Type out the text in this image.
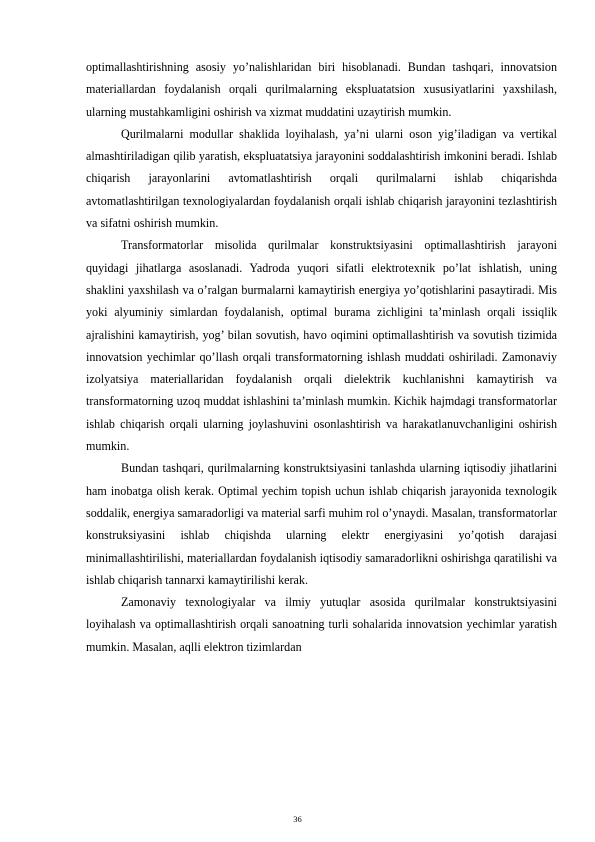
optimallashtirishning asosiy yo’nalishlaridan biri hisoblanadi. Bundan tashqari, innovatsion materiallardan foydalanish orqali qurilmalarning ekspluatatsion xususiyatlarini yaxshilash, ularning mustahkamligini oshirish va xizmat muddatini uzaytirish mumkin.

Qurilmalarni modullar shaklida loyihalash, ya’ni ularni oson yig’iladigan va vertikal almashtiriladigan qilib yaratish, ekspluatatsiya jarayonini soddalashtirish imkonini beradi. Ishlab chiqarish jarayonlarini avtomatlashtirish orqali qurilmalarni ishlab chiqarishda avtomatlashtirilgan texnologiyalardan foydalanish orqali ishlab chiqarish jarayonini tezlashtirish va sifatni oshirish mumkin.

Transformatorlar misolida qurilmalar konstruktsiyasini optimallashtirish jarayoni quyidagi jihatlarga asoslanadi. Yadroda yuqori sifatli elektrotexnik po’lat ishlatish, uning shaklini yaxshilash va o’ralgan burmalarni kamaytirish energiya yo’qotishlarini pasaytiradi. Mis yoki alyuminiy simlardan foydalanish, optimal burama zichligini ta’minlash orqali issiqlik ajralishini kamaytirish, yog’ bilan sovutish, havo oqimini optimallashtirish va sovutish tizimida innovatsion yechimlar qo’llash orqali transformatorning ishlash muddati oshiriladi. Zamonaviy izolyatsiya materiallaridan foydalanish orqali dielektrik kuchlanishni kamaytirish va transformatorning uzoq muddat ishlashini ta’minlash mumkin. Kichik hajmdagi transformatorlar ishlab chiqarish orqali ularning joylashuvini osonlashtirish va harakatlanuvchanligini oshirish mumkin.

Bundan tashqari, qurilmalarning konstruktsiyasini tanlashda ularning iqtisodiy jihatlarini ham inobatga olish kerak. Optimal yechim topish uchun ishlab chiqarish jarayonida texnologik soddalik, energiya samaradorligi va material sarfi muhim rol o’ynaydi. Masalan, transformatorlar konstruksiyasini ishlab chiqishda ularning elektr energiyasini yo’qotish darajasi minimallashtirilishi, materiallardan foydalanish iqtisodiy samaradorlikni oshirishga qaratilishi va ishlab chiqarish tannarxi kamaytirilishi kerak.

Zamonaviy texnologiyalar va ilmiy yutuqlar asosida qurilmalar konstruktsiyasini loyihalash va optimallashtirish orqali sanoatning turli sohalarida innovatsion yechimlar yaratish mumkin. Masalan, aqlli elektron tizimlardan

36
